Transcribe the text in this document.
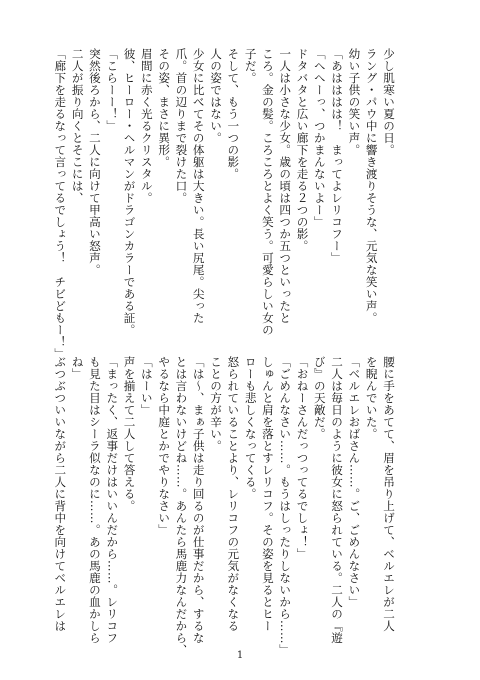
少し肌寒い夏の日。
ラング・パウ中に響き渡りそうな、元気な笑い声。
幼い子供の笑い声。
「あはははは！　まってよレリコフー」
「へへーっ、つかまんないよー」
ドタバタと広い廊下を走る２つの影。
一人は小さな少女。歳の頃は四つか五つといったと
ころ。金の髪。ころころとよく笑う。可愛らしい女の
子だ。
そして、もう一つの影。
人の姿ではない。
少女に比べてその体躯は大きい。長い尻尾。尖った
爪。首の辺りまで裂けた口。
その姿、まさに異形。
眉間に赤く光るクリスタル。
彼、ヒーロー・ヘルマンがドラゴンカラーである証。
「こらーー！」
突然後ろから、二人に向けて甲高い怒声。
二人が振り向くとそこには、
「廊下を走るなって言ってるでしょう！　チビどもー！」
腰に手をあてて、眉を吊り上げて、ベルエレが二人
を睨んでいた。
「ベルエレおばさん……。ご、ごめんなさい」
二人は毎日のように彼女に怒られている。二人の『遊
び』の天敵だ。
「おねーさんだっつってるでしょ！」
「ごめんなさい……。もうはしったりしないから……」
しゅんと肩を落とすレリコフ。その姿を見るとヒー
ローも悲しくなってくる。
怒られていることより、レリコフの元気がなくなる
ことの方が辛い。
「は～、まぁ子供は走り回るのが仕事だから、するな
とは言わないけどね……。あんたら馬鹿力なんだから、
やるなら中庭とかでやりなさい」
「はーい」
声を揃えて二人して答える。
「まったく、返事だけはいいんだから……。レリコフ
も見た目はシーラ似なのに……。あの馬鹿の血かしら
ね」
ぶつぶついいながら二人に背中を向けてベルエレは
1
